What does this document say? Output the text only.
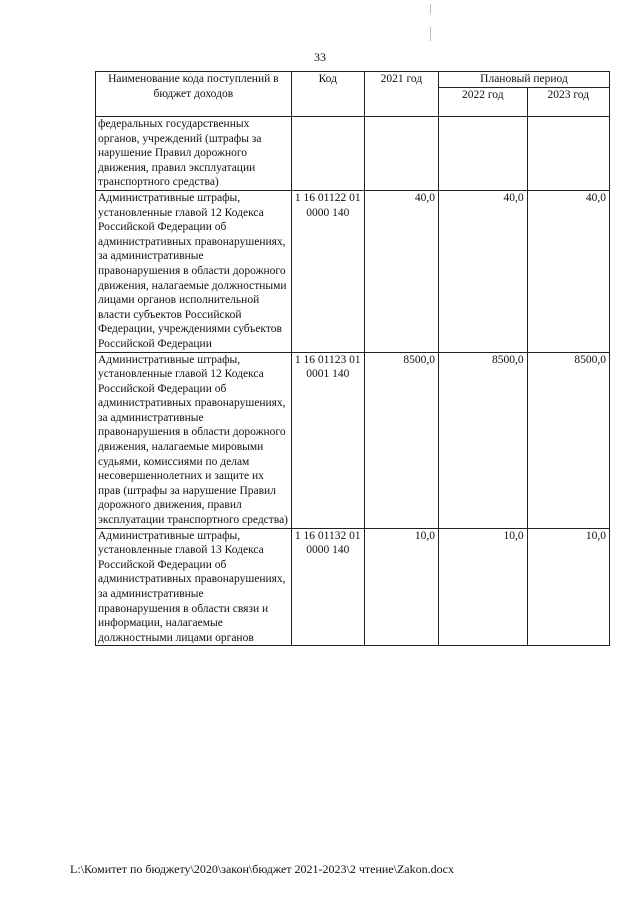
33
Наименование кода поступлений в бюджет доходов	Код	2021 год	Плановый период	
			2022 год	2023 год
федеральных государственных органов, учреждений (штрафы за нарушение Правил дорожного движения, правил эксплуатации транспортного средства)				
Административные штрафы, установленные главой 12 Кодекса Российской Федерации об административных правонарушениях, за административные правонарушения в области дорожного движения, налагаемые должностными лицами органов исполнительной власти субъектов Российской Федерации, учреждениями субъектов Российской Федерации	1 16 01122 01 0000 140	40,0	40,0	40,0
Административные штрафы, установленные главой 12 Кодекса Российской Федерации об административных правонарушениях, за административные правонарушения в области дорожного движения, налагаемые мировыми судьями, комиссиями по делам несовершеннолетних и защите их прав (штрафы за нарушение Правил дорожного движения, правил эксплуатации транспортного средства)	1 16 01123 01 0001 140	8500,0	8500,0	8500,0
Административные штрафы, установленные главой 13 Кодекса Российской Федерации об административных правонарушениях, за административные правонарушения в области связи и информации, налагаемые должностными лицами органов	1 16 01132 01 0000 140	10,0	10,0	10,0
L:\Комитет по бюджету\2020\закон\бюджет 2021-2023\2 чтение\Zakon.docx
